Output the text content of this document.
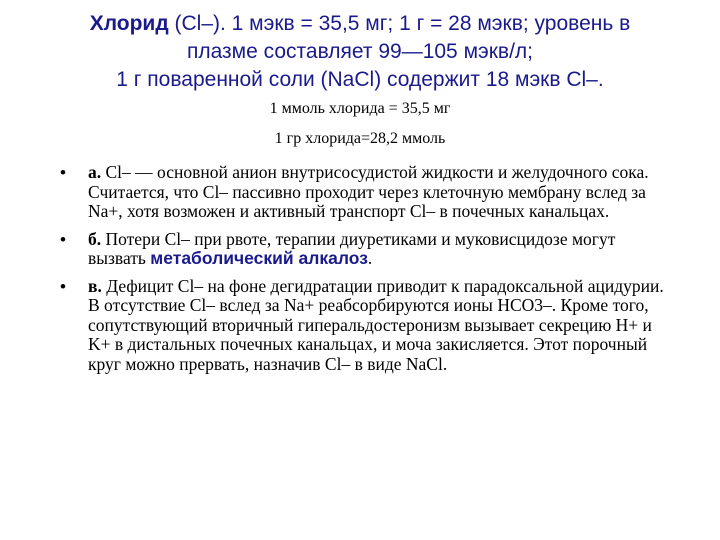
Хлорид (Cl–). 1 мэкв = 35,5 мг; 1 г = 28 мэкв; уровень в
плазме составляет 99—105 мэкв/л;
1 г поваренной соли (NaCl) содержит 18 мэкв Cl–.
1 ммоль хлорида = 35,5 мг
1 гр хлорида=28,2 ммоль
• а. Cl– — основной анион внутрисосудистой жидкости и желудочного сока. Считается, что Cl– пассивно проходит через клеточную мембрану вслед за Na+, хотя возможен и активный транспорт Cl– в почечных канальцах.
• б. Потери Cl– при рвоте, терапии диуретиками и муковисцидозе могут вызвать метаболический алкалоз.
• в. Дефицит Cl– на фоне дегидратации приводит к парадоксальной ацидурии. В отсутствие Cl– вслед за Na+ реабсорбируются ионы HCO3–. Кроме того, сопутствующий вторичный гиперальдостеронизм вызывает секрецию H+ и K+ в дистальных почечных канальцах, и моча закисляется. Этот порочный круг можно прервать, назначив Cl– в виде NaCl.
